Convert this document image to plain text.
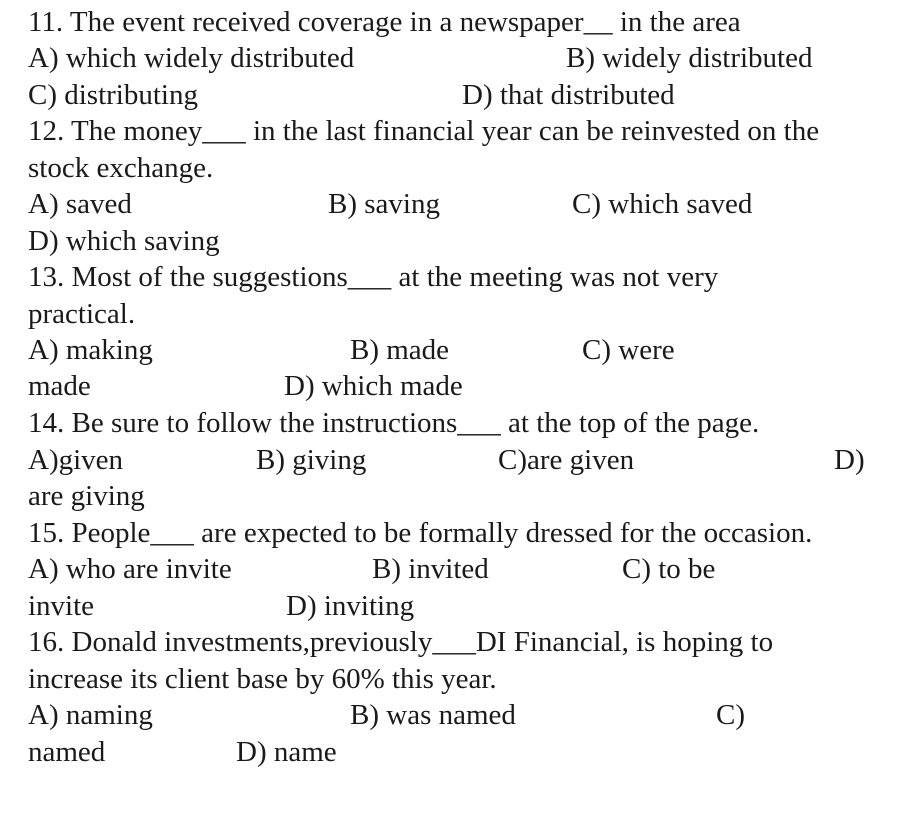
11. The event received coverage in a newspaper__ in the area
A) which widely distributed	B) widely distributed
C) distributing	D) that distributed
12. The money___ in the last financial year can be reinvested on the
stock exchange.
A) saved	B) saving	C) which saved
D) which saving
13. Most of the suggestions___ at the meeting was not very
practical.
A) making	B) made	C) were
made	D) which made
14. Be sure to follow the instructions___ at the top of the page.
A)given	B) giving	C)are given	D)
are giving
15. People___ are expected to be formally dressed for the occasion.
A) who are invite	B) invited	C) to be
invite	D) inviting
16. Donald investments,previously___DI Financial, is hoping to
increase its client base by 60% this year.
A) naming	B) was named	C)
named	D) name
